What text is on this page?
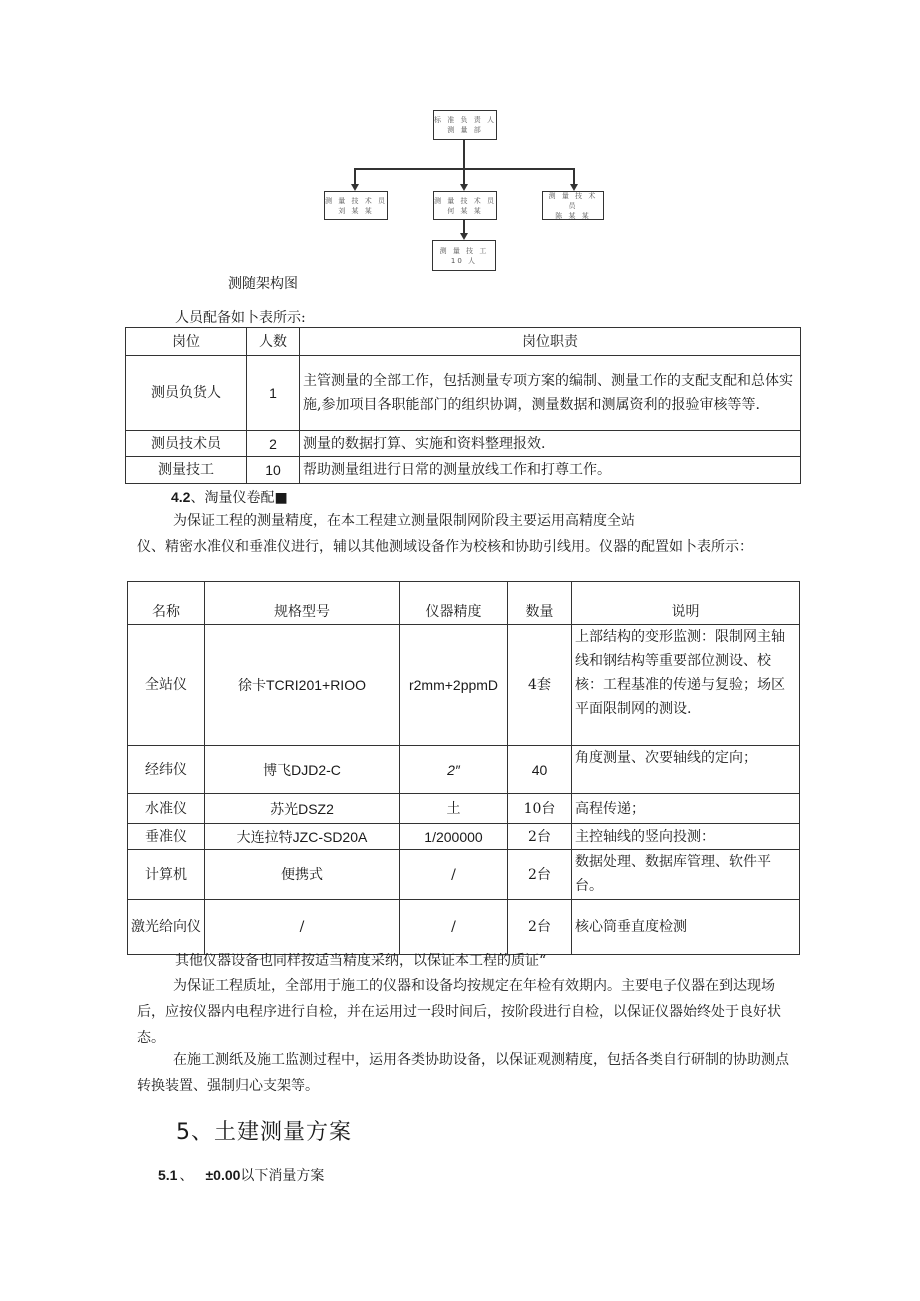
标 准 负 责 人
测 量 部
测 量 技 术 员
刘 某 某
测 量 技 术 员
何 某 某
测 量 技 术 员
陈 某 某
测 量 技 工
10 人
测随架构图
人员配备如卜表所示:
岗位	人数	岗位职责
测员负货人	1	主管测量的全部工作，包括测量专项方案的编制、测量工作的支配支配和总体实施,参加项目各职能部门的组织协调，测量数据和测属资利的报验审核等等.
测员技术员	2	测量的数据打算、实施和资料整理报效.
测量技工	10	帮助测量组进行日常的测量放线工作和打尊工作。
4.2、淘量仪卷配■
为保证工程的测量精度，在本工程建立测量限制网阶段主要运用高精度全站
仪、精密水准仪和垂准仪进行，辅以其他测域设备作为校核和协助引线用。仪器的配置如卜表所示：
名称	规格型号	仪器精度	数量	说明
全站仪	徐卡TCRI201+RIOO	r2mm+2ppmD	4套	上部结构的变形监测：限制网主轴线和钢结构等重要部位测设、校核：工程基准的传递与复验；场区平面限制网的测设.
经纬仪	博飞DJD2-C	2″	40	角度测量、次要轴线的定向；
水准仪	苏光DSZ2	土	10台	高程传递；
垂准仪	大连拉特JZC-SD20A	1/200000	2台	主控轴线的竖向投测：
计算机	便携式	/	2台	数据处理、数据库管理、软件平台。
激光给向仪	/	/	2台	核心筒垂直度检测
其他仪器设备也同样按适当精度采纳，以保证本工程的质证“
为保证工程质址，全部用于施工的仪器和设备均按规定在年检有效期内。主要电子仪器在到达现场后，应按仪器内电程序进行自检，并在运用过一段时间后，按阶段进行自检，以保证仪器始终处于良好状态。
在施工测纸及施工监测过程中，运用各类协助设备，以保证观测精度，包括各类自行研制的协助测点转换装置、强制归心支架等。
5、土建测量方案
5.1 、 ±0.00以下消量方案
